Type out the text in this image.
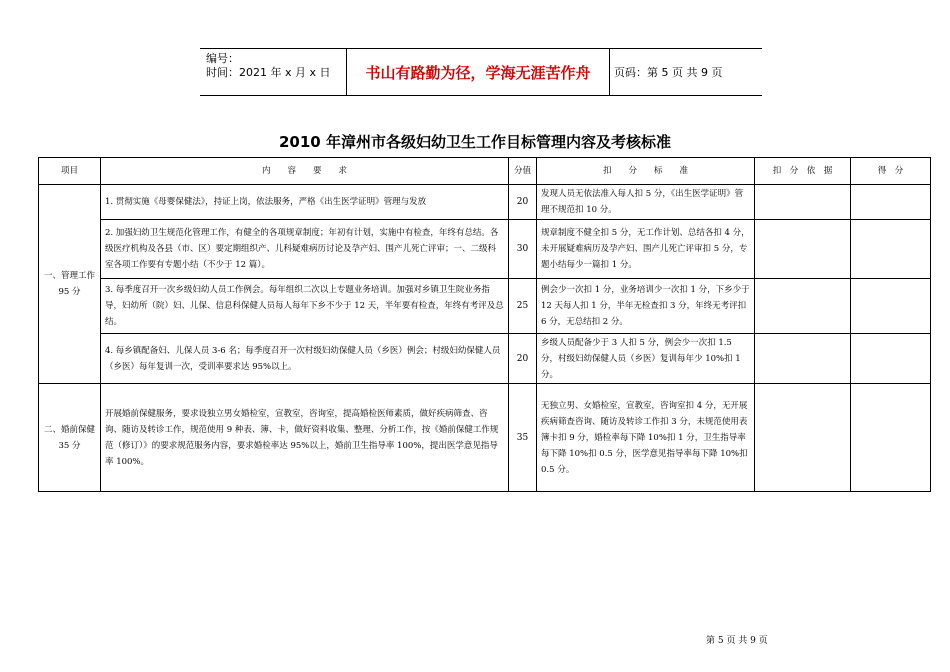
编号：
时间：2021 年 x 月 x 日	书山有路勤为径，学海无涯苦作舟	页码：第 5 页 共 9 页
2010 年漳州市各级妇幼卫生工作目标管理内容及考核标准
项目	内　　容　　要　　求	分值	扣　　分　　标　　准	扣　分　依　据	得　分
一、管理工作 95 分	1. 贯彻实施《母婴保健法》，持证上岗，依法服务，严格《出生医学证明》管理与发放	20	发现人员无依法准入每人扣 5 分，《出生医学证明》管理不规范扣 10 分。		
	2. 加强妇幼卫生规范化管理工作，有健全的各项规章制度；年初有计划，实施中有检查，年终有总结。各级医疗机构及各县（市、区）要定期组织产、儿科疑难病历讨论及孕产妇、围产儿死亡评审；一、二级科室各项工作要有专题小结（不少于 12 篇）。	30	规章制度不健全扣 5 分，无工作计划、总结各扣 4 分，未开展疑难病历及孕产妇、围产儿死亡评审扣 5 分，专题小结每少一篇扣 1 分。		
	3. 每季度召开一次乡级妇幼人员工作例会。每年组织二次以上专题业务培训。加强对乡镇卫生院业务指导，妇幼所（院）妇、儿保、信息科保健人员每人每年下乡不少于 12 天，半年要有检查，年终有考评及总结。	25	例会少一次扣 1 分，业务培训少一次扣 1 分，下乡少于 12 天每人扣 1 分，半年无检查扣 3 分，年终无考评扣 6 分，无总结扣 2 分。		
	4. 每乡镇配备妇、儿保人员 3-6 名；每季度召开一次村级妇幼保健人员（乡医）例会；村级妇幼保健人员（乡医）每年复训一次，受训率要求达 95%以上。	20	乡级人员配备少于 3 人扣 5 分，例会少一次扣 1.5 分，村级妇幼保健人员（乡医）复训每年少 10%扣 1 分。		
二、婚前保健 35 分	开展婚前保健服务，要求设独立男女婚检室，宣教室，咨询室，提高婚检医师素质，做好疾病筛查、咨询、随访及转诊工作，规范使用 9 种表、簿、卡，做好资料收集、整理、分析工作，按《婚前保健工作规范（修订）》的要求规范服务内容，要求婚检率达 95%以上，婚前卫生指导率 100%，提出医学意见指导率 100%。	35	无独立男、女婚检室，宣教室，咨询室扣 4 分，无开展疾病筛查咨询、随访及转诊工作扣 3 分，未规范使用表簿卡扣 9 分，婚检率每下降 10%扣 1 分，卫生指导率每下降 10%扣 0.5 分，医学意见指导率每下降 10%扣 0.5 分。		
第 5 页 共 9 页
